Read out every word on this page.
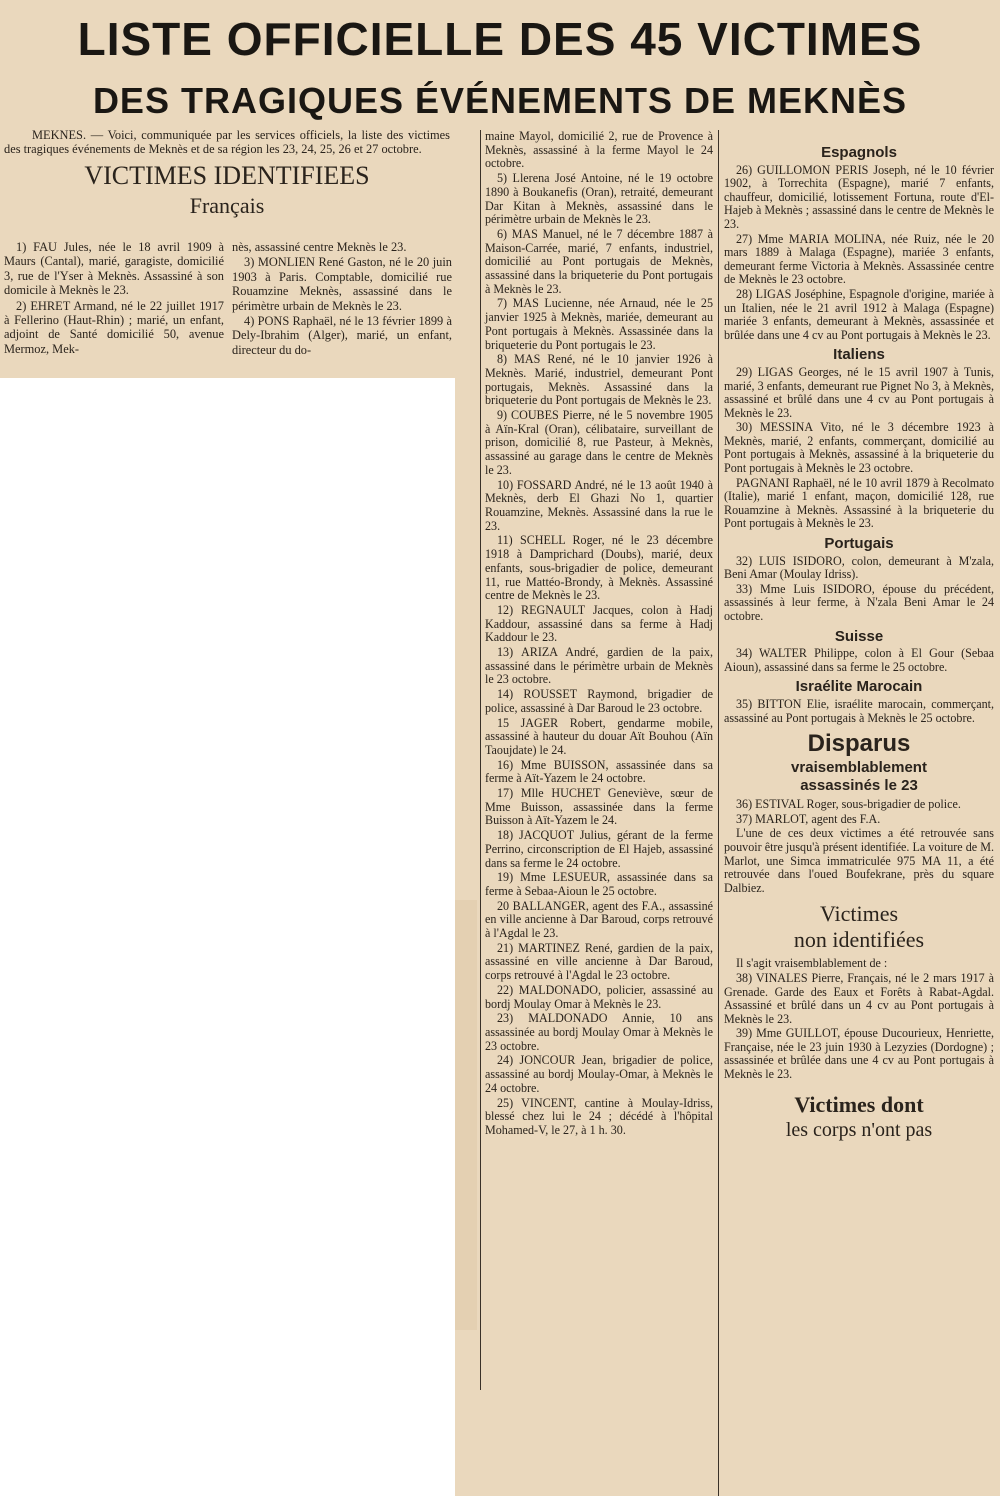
LISTE OFFICIELLE DES 45 VICTIMES
DES TRAGIQUES ÉVÉNEMENTS DE MEKNÈS

MEKNES. — Voici, communiquée par les services officiels, la liste des victimes des tragiques événements de Meknès et de sa région les 23, 24, 25, 26 et 27 octobre.

VICTIMES IDENTIFIEES
Français

1) FAU Jules, née le 18 avril 1909 à Maurs (Cantal), marié, garagiste, domicilié 3, rue de l'Yser à Meknès. Assassiné à son domicile à Meknès le 23.

2) EHRET Armand, né le 22 juillet 1917 à Fellerino (Haut-Rhin) ; marié, un enfant, adjoint de Santé domicilié 50, avenue Mermoz, Mek-

nès, assassiné centre Meknès le 23.

3) MONLIEN René Gaston, né le 20 juin 1903 à Paris. Comptable, domicilié rue Rouamzine Meknès, assassiné dans le périmètre urbain de Meknès le 23.

4) PONS Raphaël, né le 13 février 1899 à Dely-Ibrahim (Alger), marié, un enfant, directeur du do-

maine Mayol, domicilié 2, rue de Provence à Meknès, assassiné à la ferme Mayol le 24 octobre.

5) Llerena José Antoine, né le 19 octobre 1890 à Boukanefis (Oran), retraité, demeurant Dar Kitan à Meknès, assassiné dans le périmètre urbain de Meknès le 23.

6) MAS Manuel, né le 7 décembre 1887 à Maison-Carrée, marié, 7 enfants, industriel, domicilié au Pont portugais de Meknès, assassiné dans la briqueterie du Pont portugais à Meknès le 23.

7) MAS Lucienne, née Arnaud, née le 25 janvier 1925 à Meknès, mariée, demeurant au Pont portugais à Meknès. Assassinée dans la briqueterie du Pont portugais le 23.

8) MAS René, né le 10 janvier 1926 à Meknès. Marié, industriel, demeurant Pont portugais, Meknès. Assassiné dans la briqueterie du Pont portugais de Meknès le 23.

9) COUBES Pierre, né le 5 novembre 1905 à Aïn-Kral (Oran), célibataire, surveillant de prison, domicilié 8, rue Pasteur, à Meknès, assassiné au garage dans le centre de Meknès le 23.

10) FOSSARD André, né le 13 août 1940 à Meknès, derb El Ghazi No 1, quartier Rouamzine, Meknès. Assassiné dans la rue le 23.

11) SCHELL Roger, né le 23 décembre 1918 à Damprichard (Doubs), marié, deux enfants, sous-brigadier de police, demeurant 11, rue Mattéo-Brondy, à Meknès. Assassiné centre de Meknès le 23.

12) REGNAULT Jacques, colon à Hadj Kaddour, assassiné dans sa ferme à Hadj Kaddour le 23.

13) ARIZA André, gardien de la paix, assassiné dans le périmètre urbain de Meknès le 23 octobre.

14) ROUSSET Raymond, brigadier de police, assassiné à Dar Baroud le 23 octobre.

15 JAGER Robert, gendarme mobile, assassiné à hauteur du douar Aït Bouhou (Aïn Taoujdate) le 24.

16) Mme BUISSON, assassinée dans sa ferme à Aït-Yazem le 24 octobre.

17) Mlle HUCHET Geneviève, sœur de Mme Buisson, assassinée dans la ferme Buisson à Aït-Yazem le 24.

18) JACQUOT Julius, gérant de la ferme Perrino, circonscription de El Hajeb, assassiné dans sa ferme le 24 octobre.

19) Mme LESUEUR, assassinée dans sa ferme à Sebaa-Aioun le 25 octobre.

20 BALLANGER, agent des F.A., assassiné en ville ancienne à Dar Baroud, corps retrouvé à l'Agdal le 23.

21) MARTINEZ René, gardien de la paix, assassiné en ville ancienne à Dar Baroud, corps retrouvé à l'Agdal le 23 octobre.

22) MALDONADO, policier, assassiné au bordj Moulay Omar à Meknès le 23.

23) MALDONADO Annie, 10 ans assassinée au bordj Moulay Omar à Meknès le 23 octobre.

24) JONCOUR Jean, brigadier de police, assassiné au bordj Moulay-Omar, à Meknès le 24 octobre.

25) VINCENT, cantine à Moulay-Idriss, blessé chez lui le 24 ; décédé à l'hôpital Mohamed-V, le 27, à 1 h. 30.

Espagnols

26) GUILLOMON PERIS Joseph, né le 10 février 1902, à Torrechita (Espagne), marié 7 enfants, chauffeur, domicilié, lotissement Fortuna, route d'El-Hajeb à Meknès ; assassiné dans le centre de Meknès le 23.

27) Mme MARIA MOLINA, née Ruiz, née le 20 mars 1889 à Malaga (Espagne), mariée 3 enfants, demeurant ferme Victoria à Meknès. Assassinée centre de Meknès le 23 octobre.

28) LIGAS Joséphine, Espagnole d'origine, mariée à un Italien, née le 21 avril 1912 à Malaga (Espagne) mariée 3 enfants, demeurant à Meknès, assassinée et brûlée dans une 4 cv au Pont portugais à Meknès le 23.

Italiens

29) LIGAS Georges, né le 15 avril 1907 à Tunis, marié, 3 enfants, demeurant rue Pignet No 3, à Meknès, assassiné et brûlé dans une 4 cv au Pont portugais à Meknès le 23.

30) MESSINA Vito, né le 3 décembre 1923 à Meknès, marié, 2 enfants, commerçant, domicilié au Pont portugais à Meknès, assassiné à la briqueterie du Pont portugais à Meknès le 23 octobre.

PAGNANI Raphaël, né le 10 avril 1879 à Recolmato (Italie), marié 1 enfant, maçon, domicilié 128, rue Rouamzine à Meknès. Assassiné à la briqueterie du Pont portugais à Meknès le 23.

Portugais

32) LUIS ISIDORO, colon, demeurant à M'zala, Beni Amar (Moulay Idriss).

33) Mme Luis ISIDORO, épouse du précédent, assassinés à leur ferme, à N'zala Beni Amar le 24 octobre.

Suisse

34) WALTER Philippe, colon à El Gour (Sebaa Aioun), assassiné dans sa ferme le 25 octobre.

Israélite Marocain

35) BITTON Elie, israélite marocain, commerçant, assassiné au Pont portugais à Meknès le 25 octobre.

Disparus
vraisemblablement
assassinés le 23

36) ESTIVAL Roger, sous-brigadier de police.

37) MARLOT, agent des F.A.

L'une de ces deux victimes a été retrouvée sans pouvoir être jusqu'à présent identifiée. La voiture de M. Marlot, une Simca immatriculée 975 MA 11, a été retrouvée dans l'oued Boufekrane, près du square Dalbiez.

Victimes
non identifiées

Il s'agit vraisemblablement de :

38) VINALES Pierre, Français, né le 2 mars 1917 à Grenade. Garde des Eaux et Forêts à Rabat-Agdal. Assassiné et brûlé dans un 4 cv au Pont portugais à Meknès le 23.

39) Mme GUILLOT, épouse Ducourieux, Henriette, Française, née le 23 juin 1930 à Lezyzies (Dordogne) ; assassinée et brûlée dans une 4 cv au Pont portugais à Meknès le 23.

Victimes dont
les corps n'ont pas
